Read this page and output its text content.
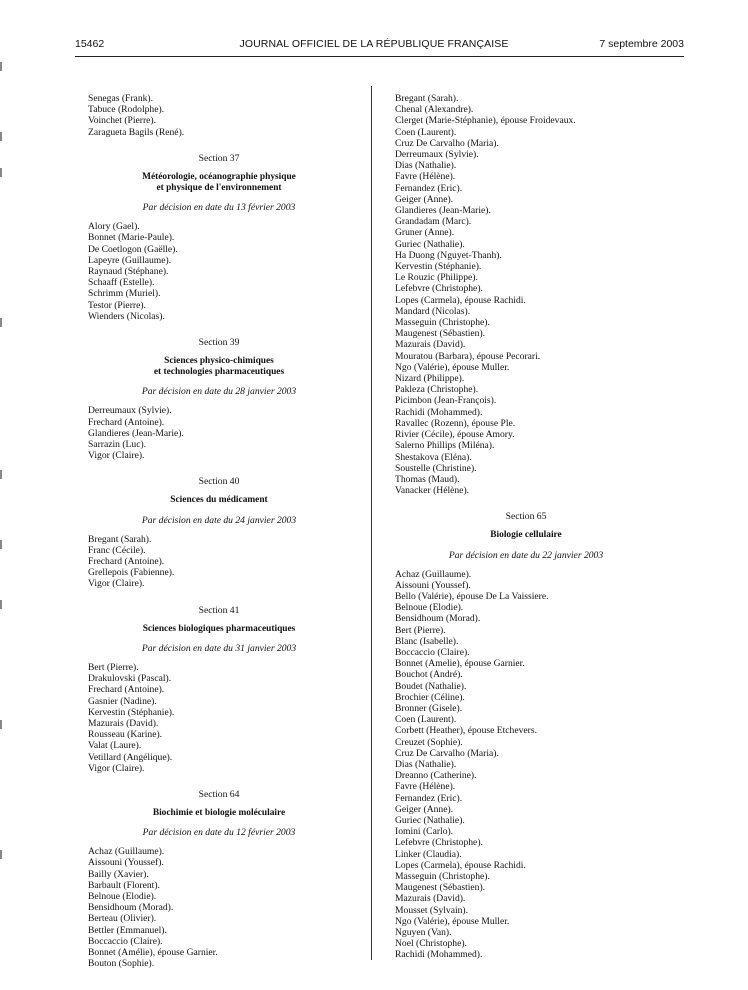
15462	JOURNAL OFFICIEL DE LA RÉPUBLIQUE FRANÇAISE	7 septembre 2003
Senegas (Frank).
Tabuce (Rodolphe).
Voinchet (Pierre).
Zaragueta Bagils (René).
Section 37
Météorologie, océanographie physique
et physique de l'environnement
Par décision en date du 13 février 2003
Alory (Gael).
Bonnet (Marie-Paule).
De Coetlogon (Gaëlle).
Lapeyre (Guillaume).
Raynaud (Stéphane).
Schaaff (Estelle).
Schrimm (Muriel).
Testor (Pierre).
Wienders (Nicolas).
Section 39
Sciences physico-chimiques
et technologies pharmaceutiques
Par décision en date du 28 janvier 2003
Derreumaux (Sylvie).
Frechard (Antoine).
Glandieres (Jean-Marie).
Sarrazin (Luc).
Vigor (Claire).
Section 40
Sciences du médicament
Par décision en date du 24 janvier 2003
Bregant (Sarah).
Franc (Cécile).
Frechard (Antoine).
Grellepois (Fabienne).
Vigor (Claire).
Section 41
Sciences biologiques pharmaceutiques
Par décision en date du 31 janvier 2003
Bert (Pierre).
Drakulovski (Pascal).
Frechard (Antoine).
Gasnier (Nadine).
Kervestin (Stéphanie).
Mazurais (David).
Rousseau (Karine).
Valat (Laure).
Vetillard (Angélique).
Vigor (Claire).
Section 64
Biochimie et biologie moléculaire
Par décision en date du 12 février 2003
Achaz (Guillaume).
Aissouni (Youssef).
Bailly (Xavier).
Barbault (Florent).
Belnoue (Elodie).
Bensidhoum (Morad).
Berteau (Olivier).
Bettler (Emmanuel).
Boccaccio (Claire).
Bonnet (Amélie), épouse Garnier.
Bouton (Sophie).
Bregant (Sarah).
Chenal (Alexandre).
Clerget (Marie-Stéphanie), épouse Froidevaux.
Coen (Laurent).
Cruz De Carvalho (Maria).
Derreumaux (Sylvie).
Dias (Nathalie).
Favre (Hélène).
Fernandez (Eric).
Geiger (Anne).
Glandieres (Jean-Marie).
Grandadam (Marc).
Gruner (Anne).
Guriec (Nathalie).
Ha Duong (Nguyet-Thanh).
Kervestin (Stéphanie).
Le Rouzic (Philippe).
Lefebvre (Christophe).
Lopes (Carmela), épouse Rachidi.
Mandard (Nicolas).
Masseguin (Christophe).
Maugenest (Sébastien).
Mazurais (David).
Mouratou (Barbara), épouse Pecorari.
Ngo (Valérie), épouse Muller.
Nizard (Philippe).
Pakleza (Christophe).
Picimbon (Jean-François).
Rachidi (Mohammed).
Ravallec (Rozenn), épouse Ple.
Rivier (Cécile), épouse Amory.
Salerno Phillips (Miléna).
Shestakova (Eléna).
Soustelle (Christine).
Thomas (Maud).
Vanacker (Hélène).
Section 65
Biologie cellulaire
Par décision en date du 22 janvier 2003
Achaz (Guillaume).
Aissouni (Youssef).
Bello (Valérie), épouse De La Vaissiere.
Belnoue (Elodie).
Bensidhoum (Morad).
Bert (Pierre).
Blanc (Isabelle).
Boccaccio (Claire).
Bonnet (Amelie), épouse Garnier.
Bouchot (André).
Boudet (Nathalie).
Brochier (Céline).
Bronner (Gisele).
Coen (Laurent).
Corbett (Heather), épouse Etchevers.
Creuzet (Sophie).
Cruz De Carvalho (Maria).
Dias (Nathalie).
Dreanno (Catherine).
Favre (Hélène).
Fernandez (Eric).
Geiger (Anne).
Guriec (Nathalie).
Iomini (Carlo).
Lefebvre (Christophe).
Linker (Claudia).
Lopes (Carmela), épouse Rachidi.
Masseguin (Christophe).
Maugenest (Sébastien).
Mazurais (David).
Mousset (Sylvain).
Ngo (Valérie), épouse Muller.
Nguyen (Van).
Noel (Christophe).
Rachidi (Mohammed).
